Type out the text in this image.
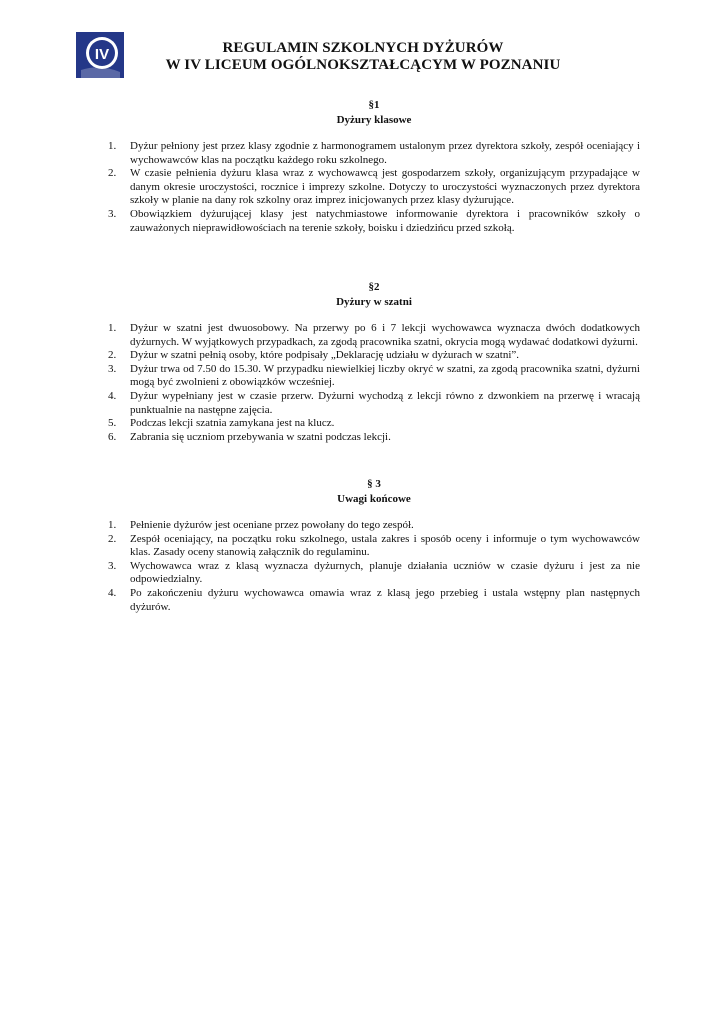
IV	REGULAMIN SZKOLNYCH DYŻURÓW
W IV LICEUM OGÓLNOKSZTAŁCĄCYM W POZNANIU
§1
Dyżury klasowe
1. Dyżur pełniony jest przez klasy zgodnie z harmonogramem ustalonym przez dyrektora szkoły, zespół oceniający i wychowawców klas na początku każdego roku szkolnego.
2. W czasie pełnienia dyżuru klasa wraz z wychowawcą jest gospodarzem szkoły, organizującym przypadające w danym okresie uroczystości, rocznice i imprezy szkolne. Dotyczy to uroczystości wyznaczonych przez dyrektora szkoły w planie na dany rok szkolny oraz imprez inicjowanych przez klasy dyżurujące.
3. Obowiązkiem dyżurującej klasy jest natychmiastowe informowanie dyrektora i pracowników szkoły o zauważonych nieprawidłowościach na terenie szkoły, boisku i dziedzińcu przed szkołą.
§2
Dyżury w szatni
1. Dyżur w szatni jest dwuosobowy. Na przerwy po 6 i 7 lekcji wychowawca wyznacza dwóch dodatkowych dyżurnych. W wyjątkowych przypadkach, za zgodą pracownika szatni, okrycia mogą wydawać dodatkowi dyżurni.
2. Dyżur w szatni pełnią osoby, które podpisały „Deklarację udziału w dyżurach w szatni”.
3. Dyżur trwa od 7.50 do 15.30. W przypadku niewielkiej liczby okryć w szatni, za zgodą pracownika szatni, dyżurni mogą być zwolnieni z obowiązków wcześniej.
4. Dyżur wypełniany jest w czasie przerw. Dyżurni wychodzą z lekcji równo z dzwonkiem na przerwę i wracają punktualnie na następne zajęcia.
5. Podczas lekcji szatnia zamykana jest na klucz.
6. Zabrania się uczniom przebywania w szatni podczas lekcji.
§ 3
Uwagi końcowe
1. Pełnienie dyżurów jest oceniane przez powołany do tego zespół.
2. Zespół oceniający, na początku roku szkolnego, ustala zakres i sposób oceny i informuje o tym wychowawców klas. Zasady oceny stanowią załącznik do regulaminu.
3. Wychowawca wraz z klasą wyznacza dyżurnych, planuje działania uczniów w czasie dyżuru i jest za nie odpowiedzialny.
4. Po zakończeniu dyżuru wychowawca omawia wraz z klasą jego przebieg i ustala wstępny plan następnych dyżurów.
